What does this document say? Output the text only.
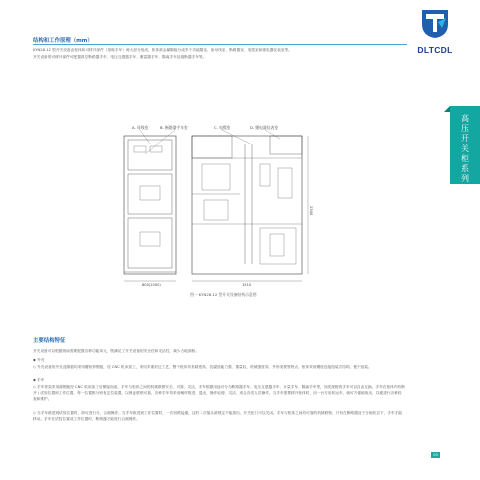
DLTCDL
结构和工作原理（mm）

KYN28-12 型开关设备由柜体和可移开部件（俗称手车）两大部分组成，柜体被金属隔板分成多个功能隔室，如母线室、断路器室、电缆室和继电器仪表室等。

开关设备的可移开部件可配置真空断路器手车、电压互感器手车、避雷器手车、隔离手车及熔断器手车等。

高压开关柜系列
A. 母线室	B. 断路器手车室	C. 电缆室	D. 继电器仪表室
800(1000)	1510
2300
图一 KYN28-12 型开关设备结构示意图
主要结构特征

开关设备可以根据现场需要配置各种功能单元，既满足了开关设备的安全性和灵活性，减少占地面积。

◆ 外壳

◇ 外壳设备的外壳及隔板均采用覆铝锌钢板，经 CNC 机床加工，采用多重折边工艺，整个框体具有精度高、抗腐蚀能力强、重量轻、机械强度高、外形美观等特点，柜体采用螺栓连接组装式结构，便于组装。

◆ 手车

◇ 手车骨架采用薄钢板经 CNC 机床加工后铆接而成，手车与柜体之间的机械联锁安全、可靠，灵活，手车根据用途可分为断路器手车、电压互感器手车、计量手车、隔离手车等，同类规格的手车可以自由互换。手车在柜体内有断开 / 试验位置和工作位置，每一位置都分别有定位装置，以保证联锁可靠，各种手车均采用蜗杆推进、退出，操作轻便、灵活，适合各类人员操作。当手车需要移开柜体时，用一台专用转运车，就可方便地取出，以便进行各种检查和维护。

◇ 当手车推进到试验位置时，即可进行分、合闸操作；当手车推进到工作位置时，一次回路接通，这时二次插头被锁定不能拔出，开关柜门可以关闭。手车与柜体之间有可靠的机械联锁，只有在断路器处于分闸状态下，手车才能移动。手车在试验位置或工作位置时，断路器才能进行合闸操作。

03
